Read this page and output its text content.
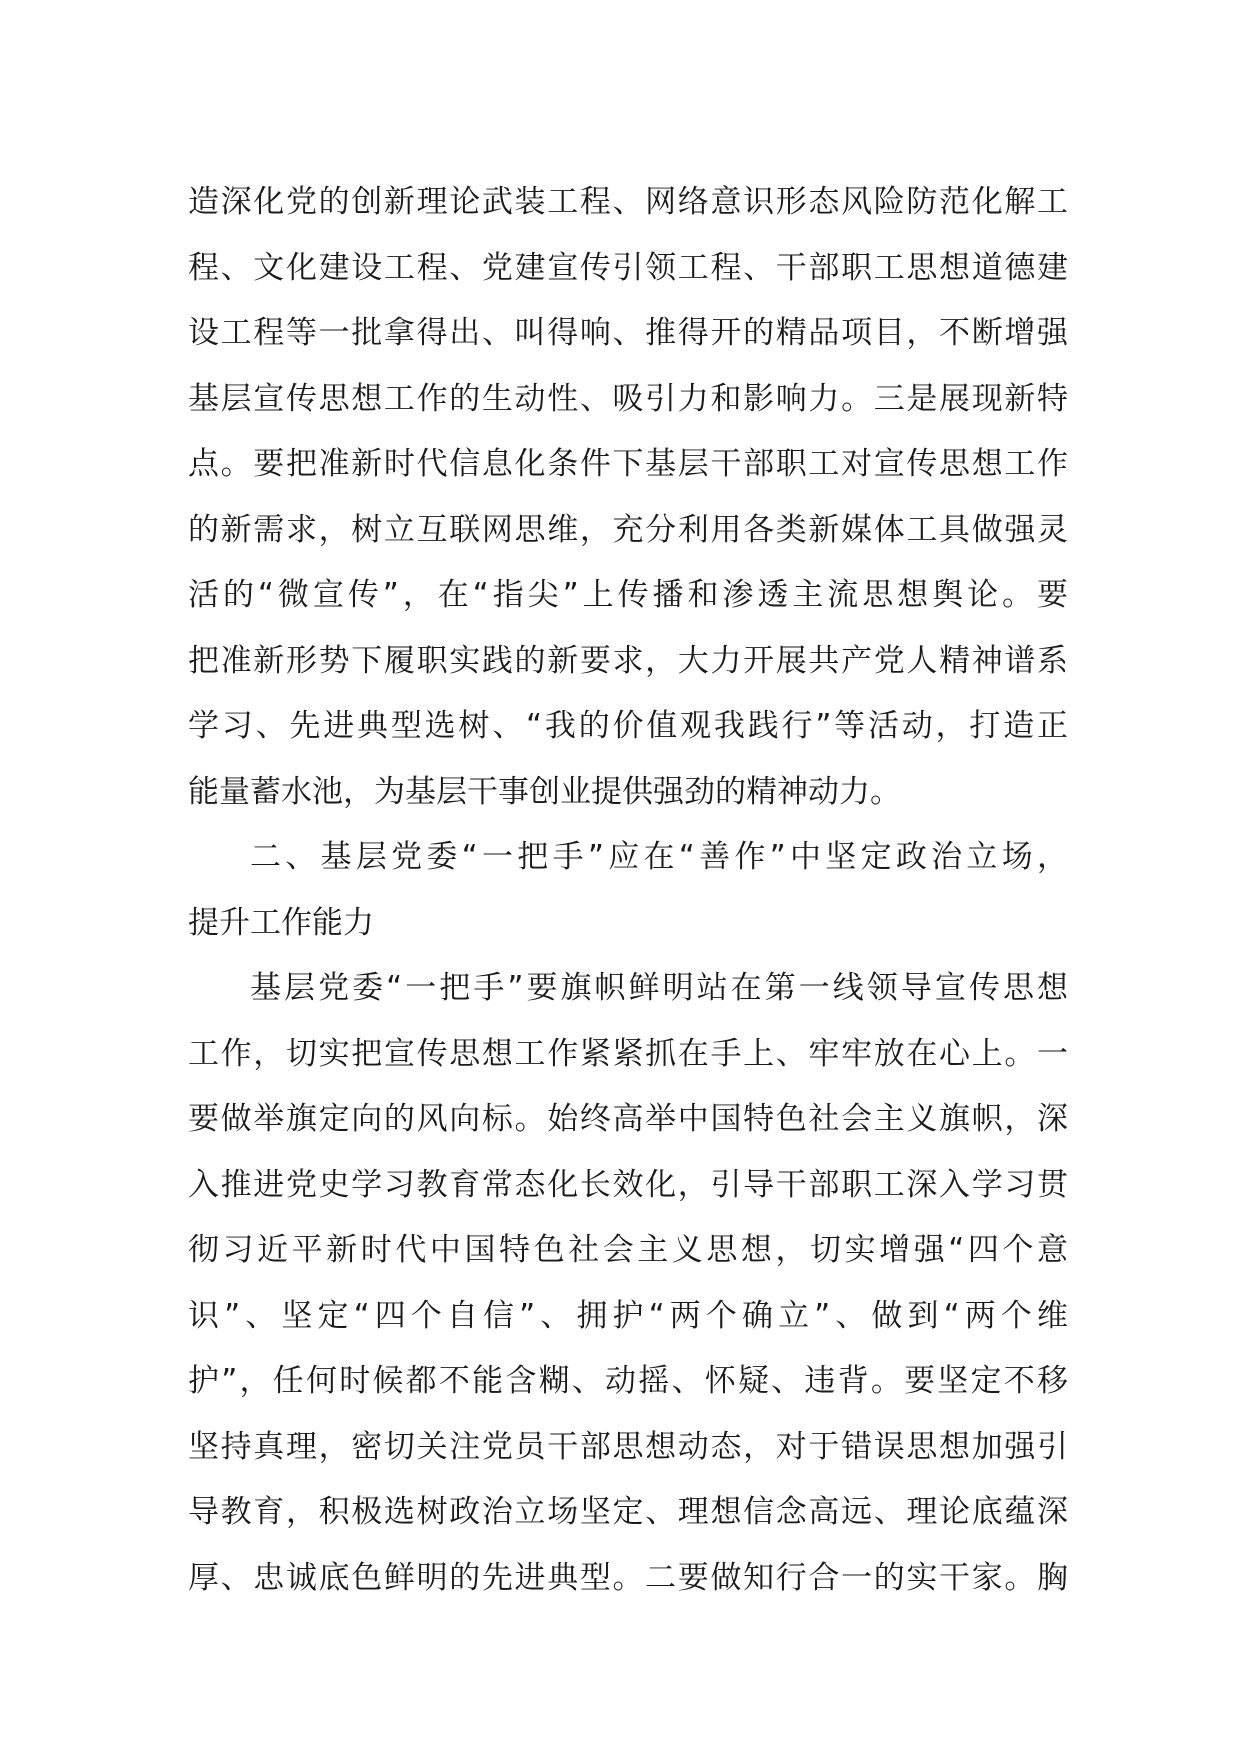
造深化党的创新理论武装工程、网络意识形态风险防范化解工
程、文化建设工程、党建宣传引领工程、干部职工思想道德建
设工程等一批拿得出、叫得响、推得开的精品项目，不断增强
基层宣传思想工作的生动性、吸引力和影响力。三是展现新特
点。要把准新时代信息化条件下基层干部职工对宣传思想工作
的新需求，树立互联网思维，充分利用各类新媒体工具做强灵
活的“微宣传”，在“指尖”上传播和渗透主流思想舆论。要
把准新形势下履职实践的新要求，大力开展共产党人精神谱系
学习、先进典型选树、“我的价值观我践行”等活动，打造正
能量蓄水池，为基层干事创业提供强劲的精神动力。
二、基层党委“一把手”应在“善作”中坚定政治立场，
提升工作能力
基层党委“一把手”要旗帜鲜明站在第一线领导宣传思想
工作，切实把宣传思想工作紧紧抓在手上、牢牢放在心上。一
要做举旗定向的风向标。始终高举中国特色社会主义旗帜，深
入推进党史学习教育常态化长效化，引导干部职工深入学习贯
彻习近平新时代中国特色社会主义思想，切实增强“四个意
识”、坚定“四个自信”、拥护“两个确立”、做到“两个维
护”，任何时候都不能含糊、动摇、怀疑、违背。要坚定不移
坚持真理，密切关注党员干部思想动态，对于错误思想加强引
导教育，积极选树政治立场坚定、理想信念高远、理论底蕴深
厚、忠诚底色鲜明的先进典型。二要做知行合一的实干家。胸
